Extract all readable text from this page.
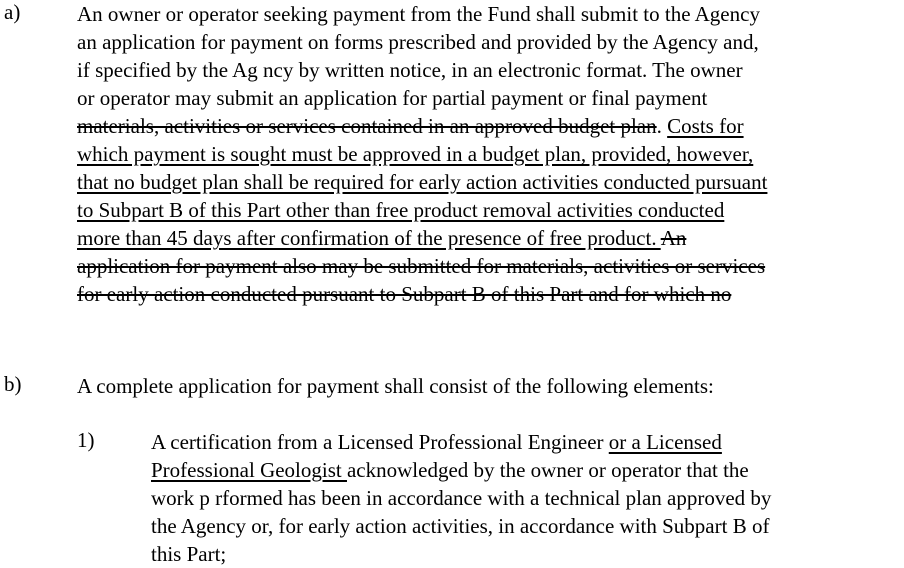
a)
b)
1)
An owner or operator seeking payment from the Fund shall submit to the Agency
an application for payment on forms prescribed and provided by the Agency and,
if specified by the Ag ncy by written notice, in an electronic format. The owner
or operator may submit an application for partial payment or final payment
materials, activities or services contained in an approved budget plan. Costs for
which payment is sought must be approved in a budget plan, provided, however,
that no budget plan shall be required for early action activities conducted pursuant
to Subpart B of this Part other than free product removal activities conducted
more than 45 days after confirmation of the presence of free product. An
application for payment also may be submitted for materials, activities or services
for early action conducted pursuant to Subpart B of this Part and for which no
A complete application for payment shall consist of the following elements:
A certification from a Licensed Professional Engineer or a Licensed
Professional Geologist acknowledged by the owner or operator that the
work p rformed has been in accordance with a technical plan approved by
the Agency or, for early action activities, in accordance with Subpart B of
this Part;
